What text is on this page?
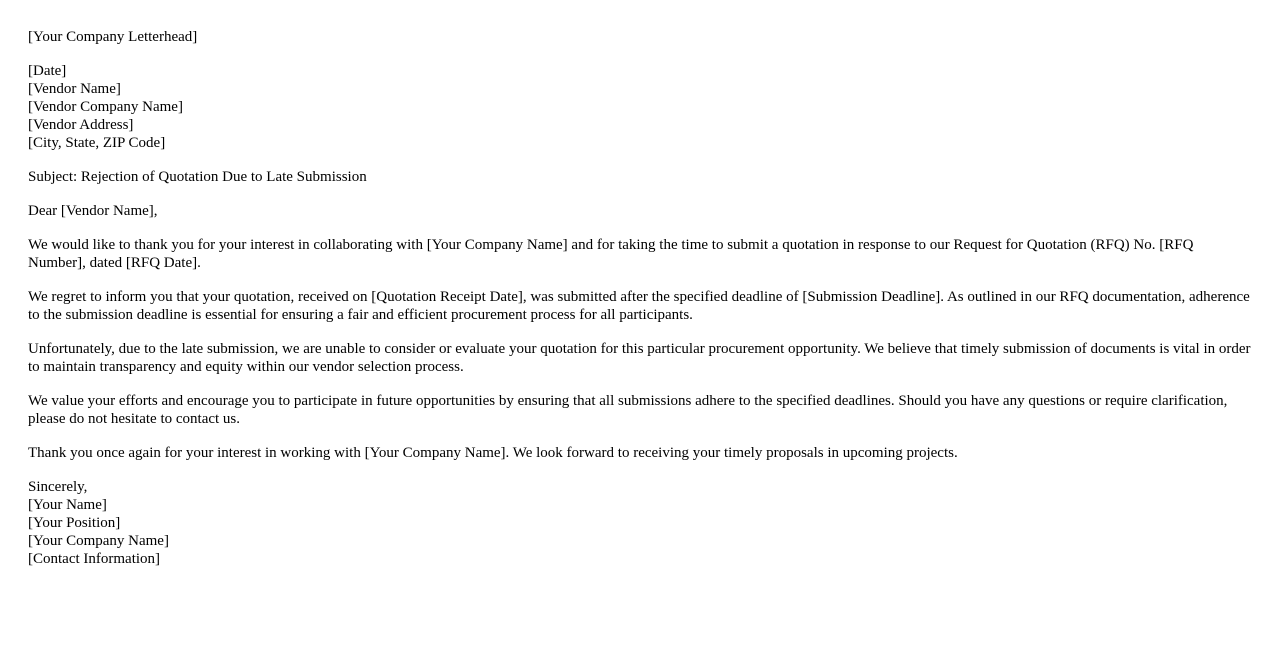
[Your Company Letterhead]
[Date]
[Vendor Name]
[Vendor Company Name]
[Vendor Address]
[City, State, ZIP Code]
Subject: Rejection of Quotation Due to Late Submission
Dear [Vendor Name],
We would like to thank you for your interest in collaborating with [Your Company Name] and for taking the time to submit a quotation in response to our Request for Quotation (RFQ) No. [RFQ Number], dated [RFQ Date].
We regret to inform you that your quotation, received on [Quotation Receipt Date], was submitted after the specified deadline of [Submission Deadline]. As outlined in our RFQ documentation, adherence to the submission deadline is essential for ensuring a fair and efficient procurement process for all participants.
Unfortunately, due to the late submission, we are unable to consider or evaluate your quotation for this particular procurement opportunity. We believe that timely submission of documents is vital in order to maintain transparency and equity within our vendor selection process.
We value your efforts and encourage you to participate in future opportunities by ensuring that all submissions adhere to the specified deadlines. Should you have any questions or require clarification, please do not hesitate to contact us.
Thank you once again for your interest in working with [Your Company Name]. We look forward to receiving your timely proposals in upcoming projects.
Sincerely,
[Your Name]
[Your Position]
[Your Company Name]
[Contact Information]
